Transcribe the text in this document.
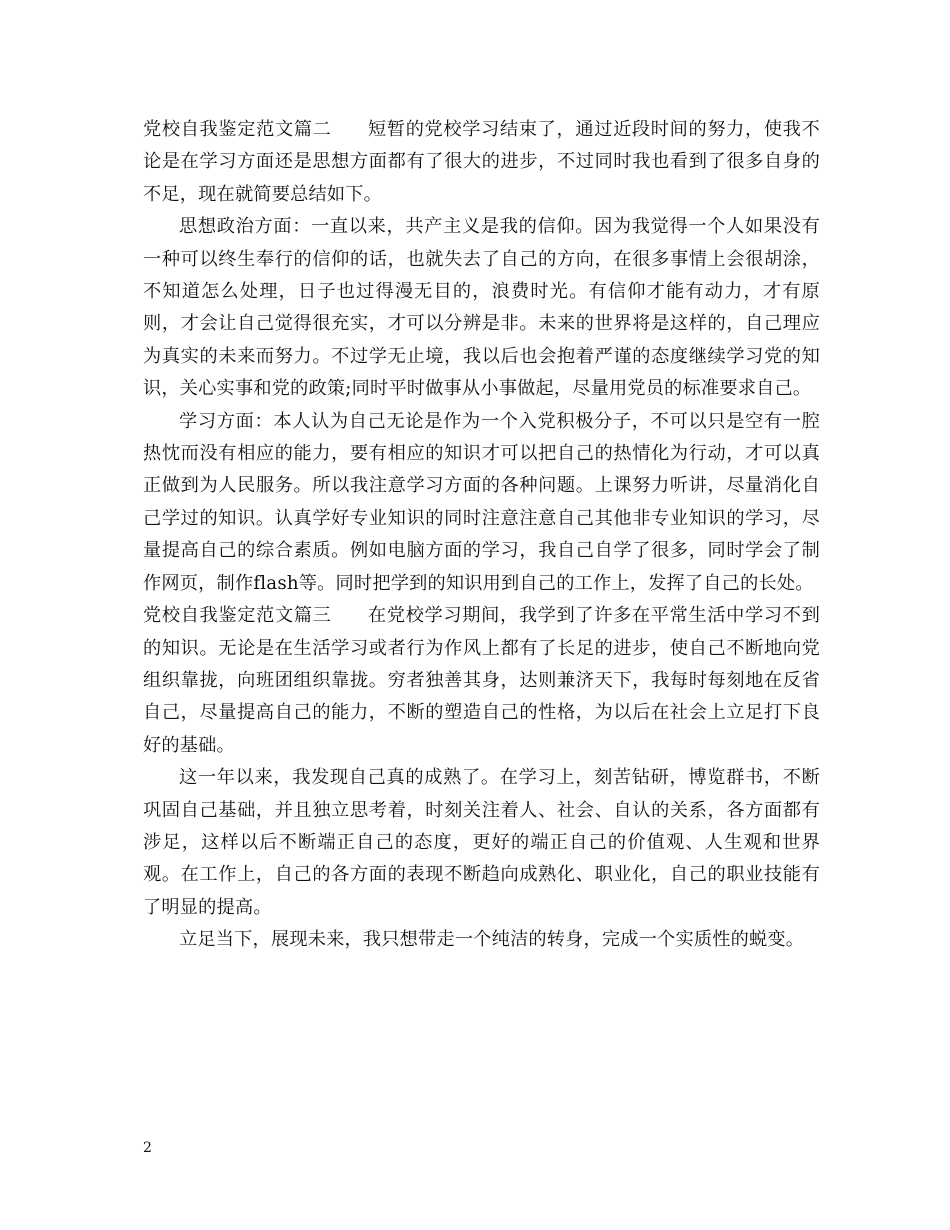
党校自我鉴定范文篇二 短暂的党校学习结束了，通过近段时间的努力，使我不论是在学习方面还是思想方面都有了很大的进步，不过同时我也看到了很多自身的不足，现在就简要总结如下。

思想政治方面：一直以来，共产主义是我的信仰。因为我觉得一个人如果没有一种可以终生奉行的信仰的话，也就失去了自己的方向，在很多事情上会很胡涂，不知道怎么处理，日子也过得漫无目的，浪费时光。有信仰才能有动力，才有原则，才会让自己觉得很充实，才可以分辨是非。未来的世界将是这样的，自己理应为真实的未来而努力。不过学无止境，我以后也会抱着严谨的态度继续学习党的知识，关心实事和党的政策;同时平时做事从小事做起，尽量用党员的标准要求自己。

学习方面：本人认为自己无论是作为一个入党积极分子，不可以只是空有一腔热忱而没有相应的能力，要有相应的知识才可以把自己的热情化为行动，才可以真正做到为人民服务。所以我注意学习方面的各种问题。上课努力听讲，尽量消化自己学过的知识。认真学好专业知识的同时注意注意自己其他非专业知识的学习，尽量提高自己的综合素质。例如电脑方面的学习，我自己自学了很多，同时学会了制作网页，制作flash等。同时把学到的知识用到自己的工作上，发挥了自己的长处。

党校自我鉴定范文篇三 在党校学习期间，我学到了许多在平常生活中学习不到的知识。无论是在生活学习或者行为作风上都有了长足的进步，使自己不断地向党组织靠拢，向班团组织靠拢。穷者独善其身，达则兼济天下，我每时每刻地在反省自己，尽量提高自己的能力，不断的塑造自己的性格，为以后在社会上立足打下良好的基础。

这一年以来，我发现自己真的成熟了。在学习上，刻苦钻研，博览群书，不断巩固自己基础，并且独立思考着，时刻关注着人、社会、自认的关系，各方面都有涉足，这样以后不断端正自己的态度，更好的端正自己的价值观、人生观和世界观。在工作上，自己的各方面的表现不断趋向成熟化、职业化，自己的职业技能有了明显的提高。

立足当下，展现未来，我只想带走一个纯洁的转身，完成一个实质性的蜕变。

2
